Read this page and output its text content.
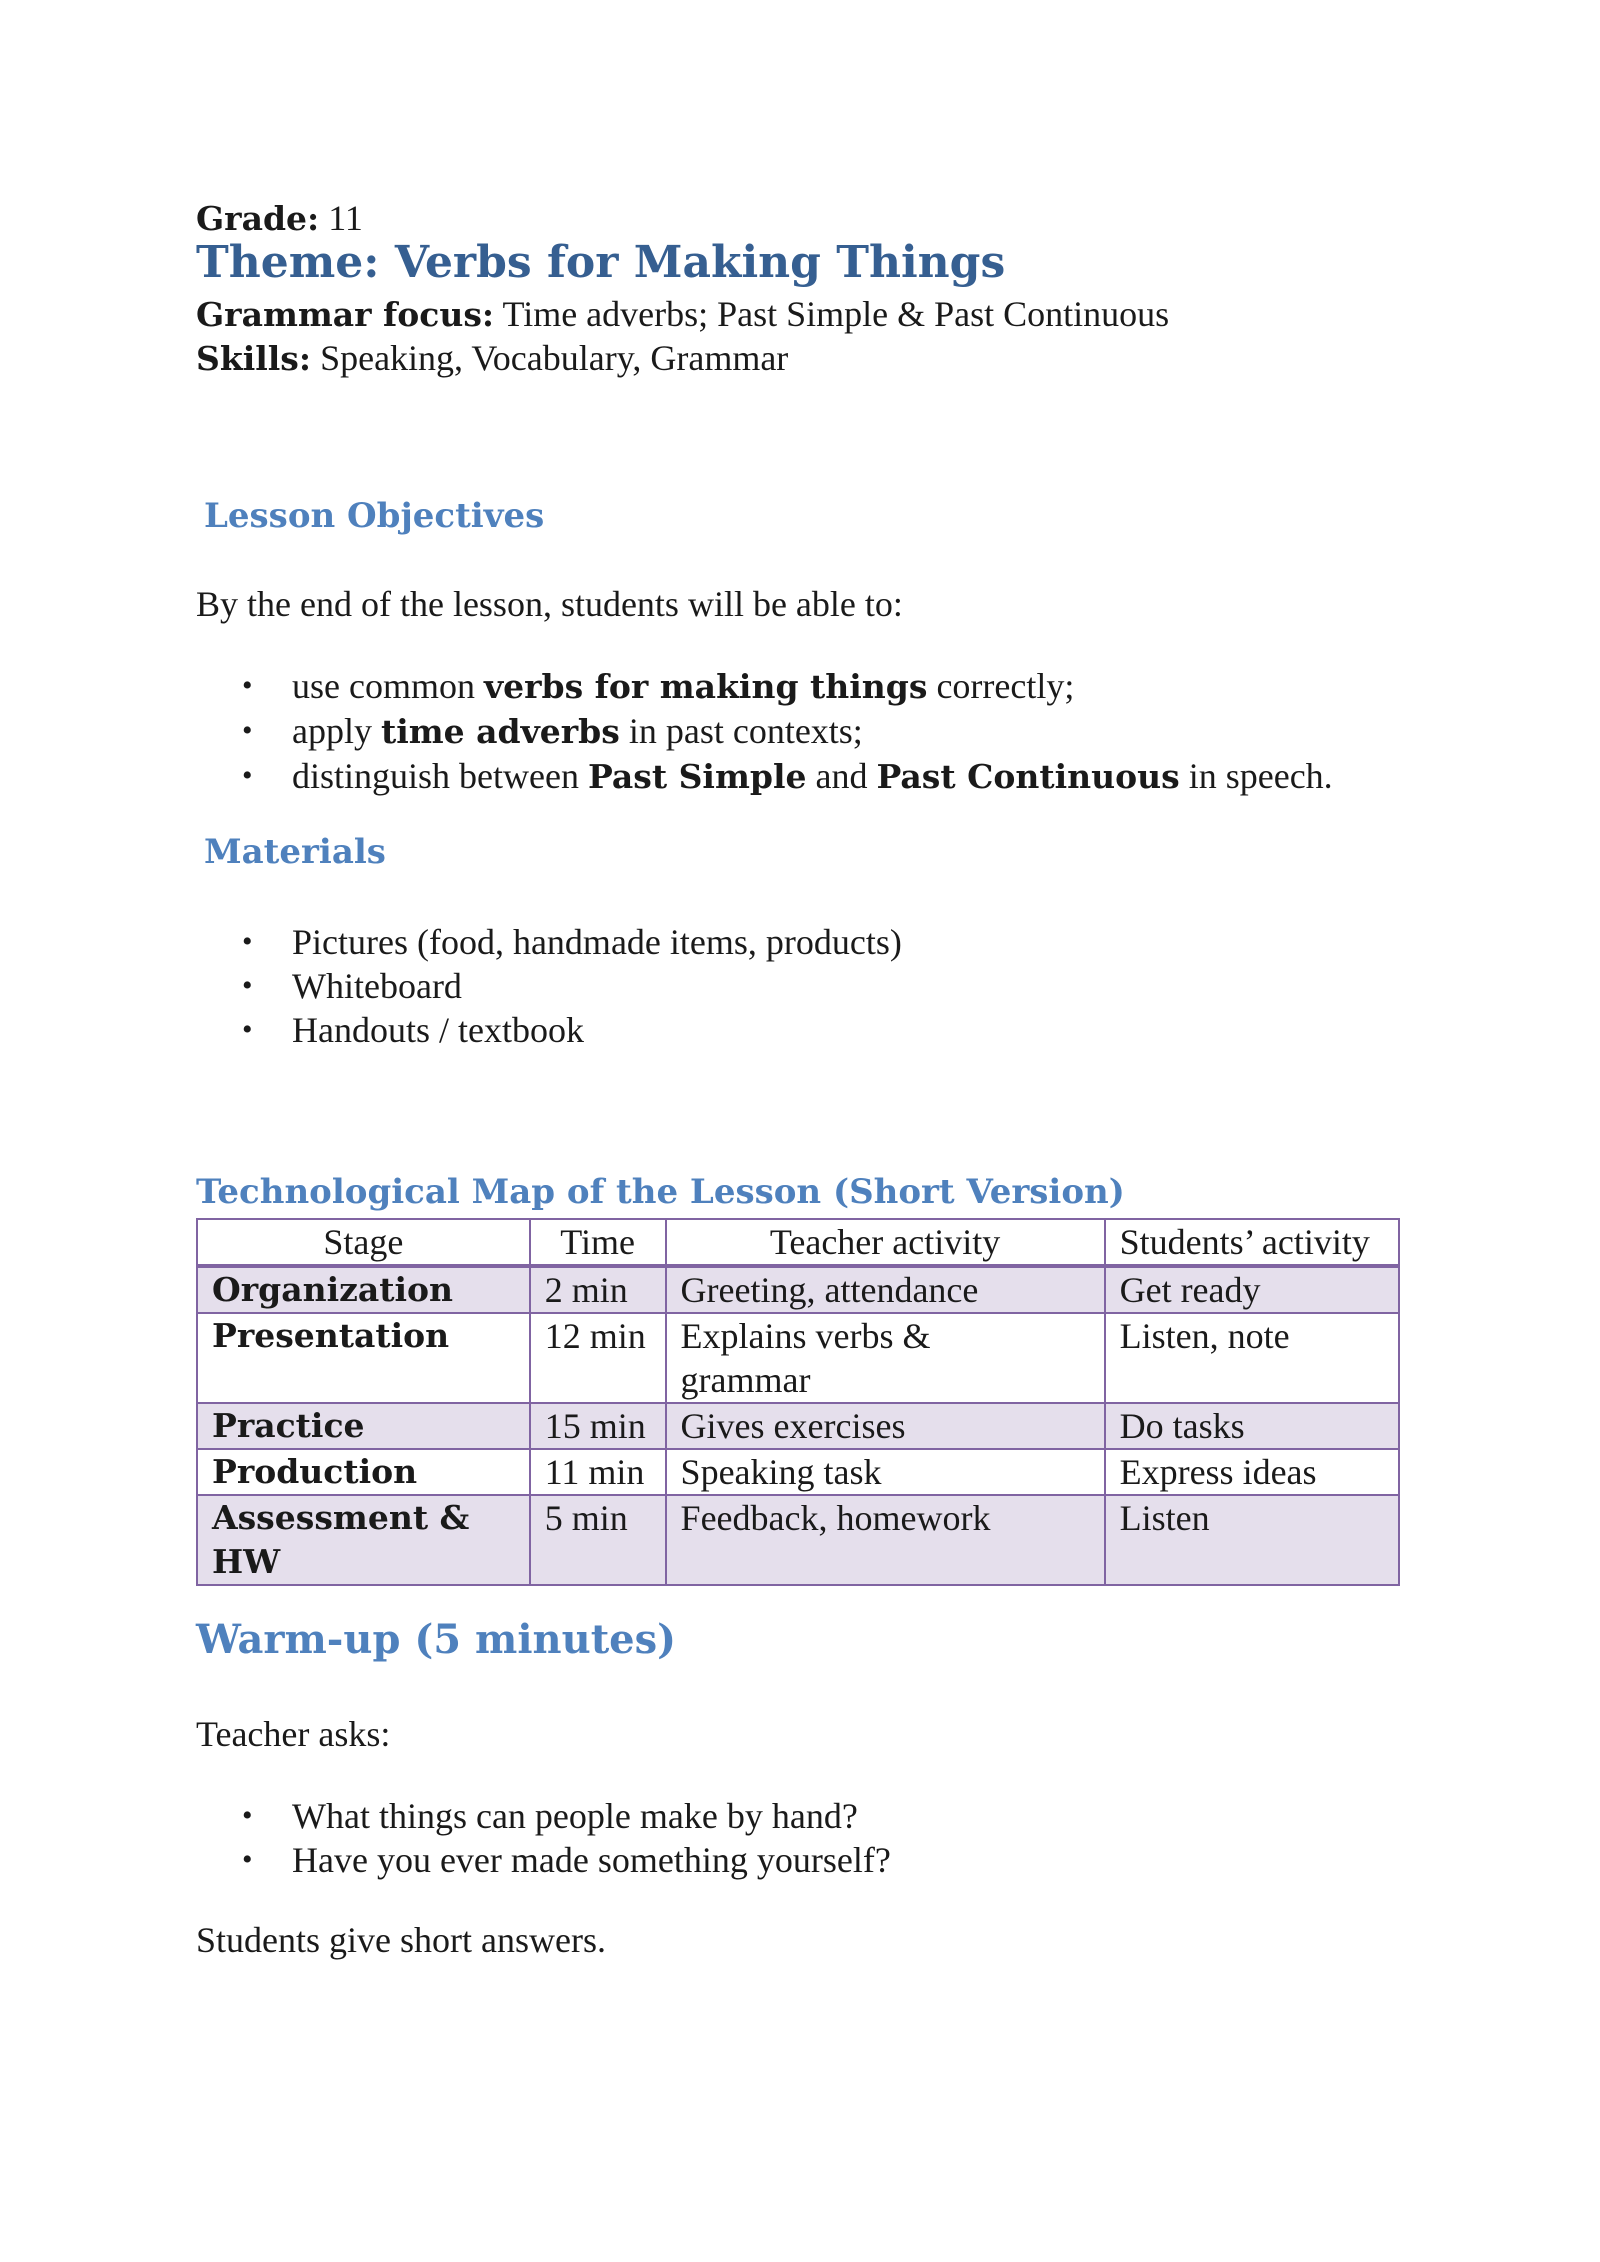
Grade: 11

Theme: Verbs for Making Things

Grammar focus: Time adverbs; Past Simple & Past Continuous

Skills: Speaking, Vocabulary, Grammar

Lesson Objectives

By the end of the lesson, students will be able to:

• use common verbs for making things correctly;
• apply time adverbs in past contexts;
• distinguish between Past Simple and Past Continuous in speech.
Materials
• Pictures (food, handmade items, products)
• Whiteboard
• Handouts / textbook
Technological Map of the Lesson (Short Version)
Stage	Time	Teacher activity	Students’ activity
Organization	2 min	Greeting, attendance	Get ready
Presentation	12 min	Explains verbs & grammar	Listen, note
Practice	15 min	Gives exercises	Do tasks
Production	11 min	Speaking task	Express ideas
Assessment & HW	5 min	Feedback, homework	Listen
Warm-up (5 minutes)

Teacher asks:

• What things can people make by hand?
• Have you ever made something yourself?

Students give short answers.
